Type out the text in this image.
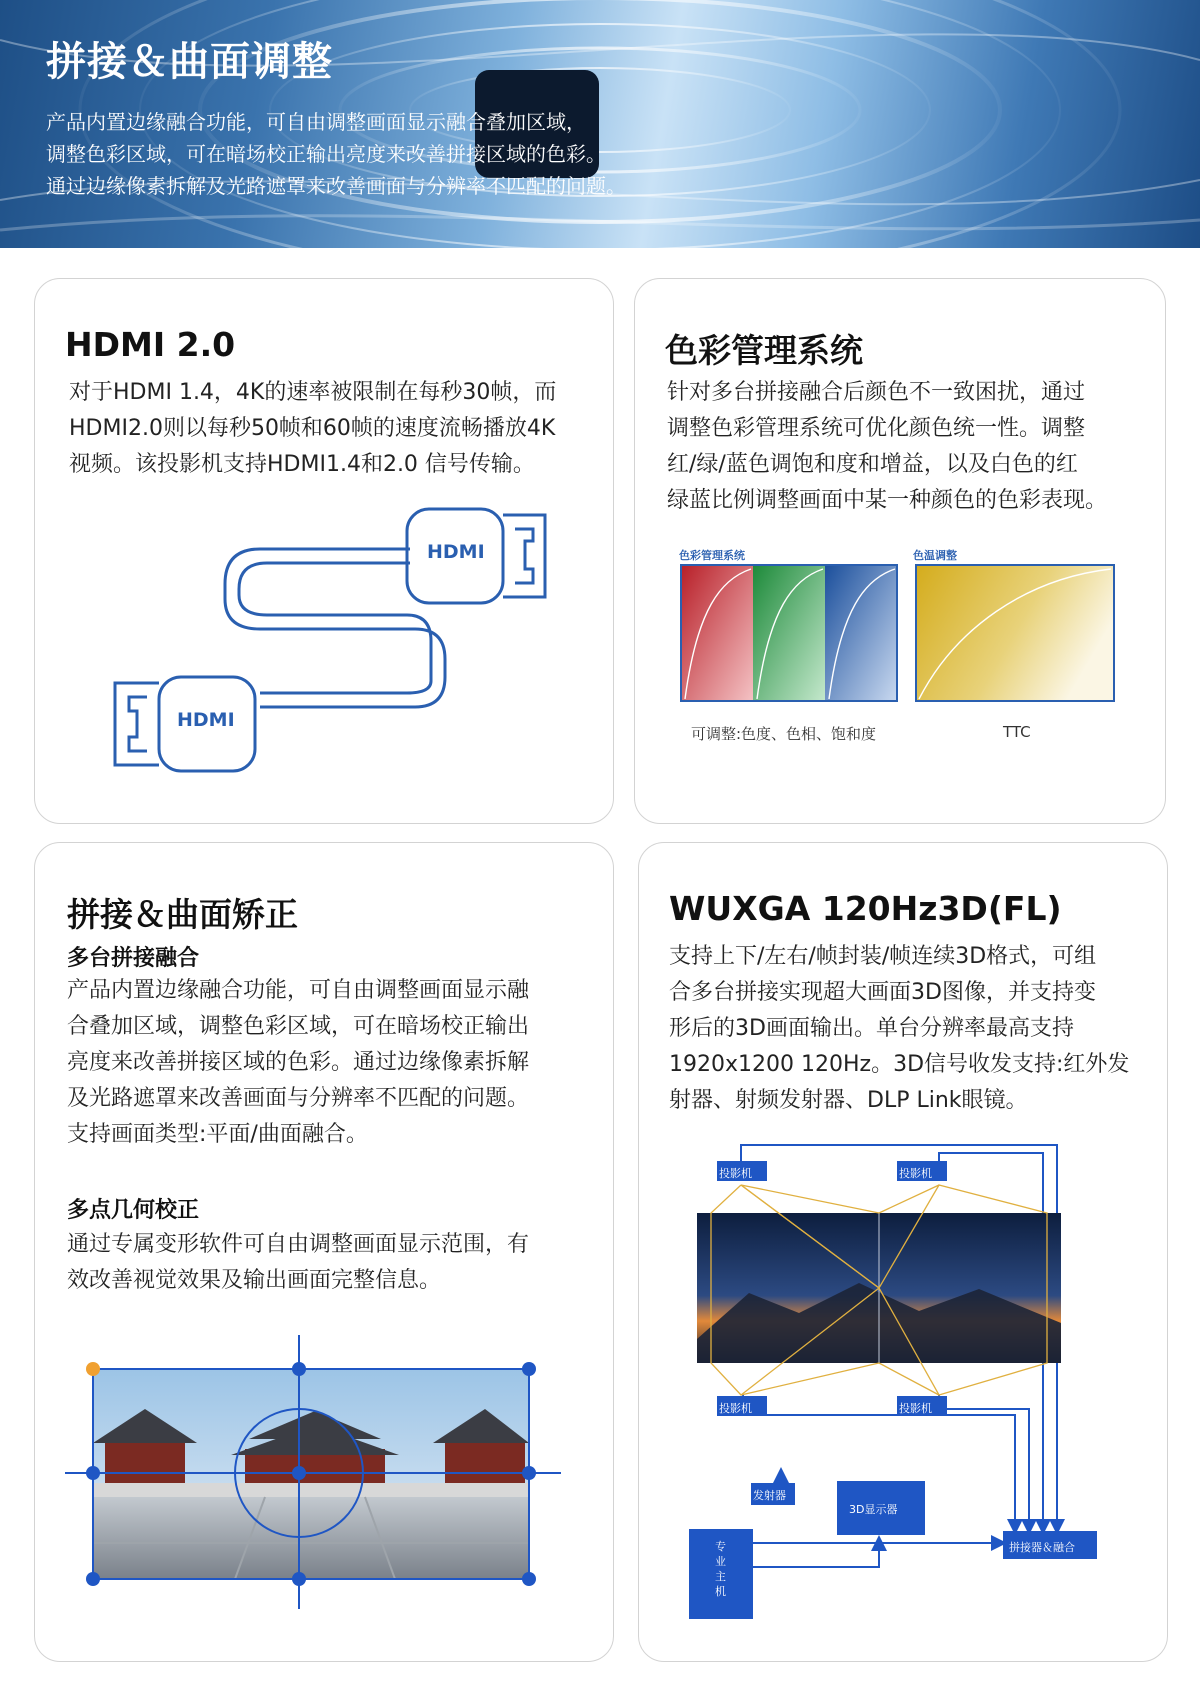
拼接＆曲面调整
产品内置边缘融合功能，可自由调整画面显示融合叠加区域，
调整色彩区域，可在暗场校正输出亮度来改善拼接区域的色彩。
通过边缘像素拆解及光路遮罩来改善画面与分辨率不匹配的问题。
HDMI 2.0
对于HDMI 1.4，4K的速率被限制在每秒30帧，而
HDMI2.0则以每秒50帧和60帧的速度流畅播放4K
视频。该投影机支持HDMI1.4和2.0 信号传输。
HDMI
HDMI
色彩管理系统
针对多台拼接融合后颜色不一致困扰，通过
调整色彩管理系统可优化颜色统一性。调整
红/绿/蓝色调饱和度和增益，以及白色的红
绿蓝比例调整画面中某一种颜色的色彩表现。
色彩管理系统	色温调整
可调整:色度、色相、饱和度	TTC
拼接＆曲面矫正
多台拼接融合
产品内置边缘融合功能，可自由调整画面显示融
合叠加区域，调整色彩区域，可在暗场校正输出
亮度来改善拼接区域的色彩。通过边缘像素拆解
及光路遮罩来改善画面与分辨率不匹配的问题。
支持画面类型:平面/曲面融合。
多点几何校正
通过专属变形软件可自由调整画面显示范围，有
效改善视觉效果及输出画面完整信息。
WUXGA 120Hz3D(FL)
支持上下/左右/帧封装/帧连续3D格式，可组
合多台拼接实现超大画面3D图像，并支持变
形后的3D画面输出。单台分辨率最高支持
1920x1200 120Hz。3D信号收发支持:红外发
射器、射频发射器、DLP Link眼镜。
投影机	投影机
投影机	投影机
发射器
3D显示器
专业主机
拼接器＆融合
